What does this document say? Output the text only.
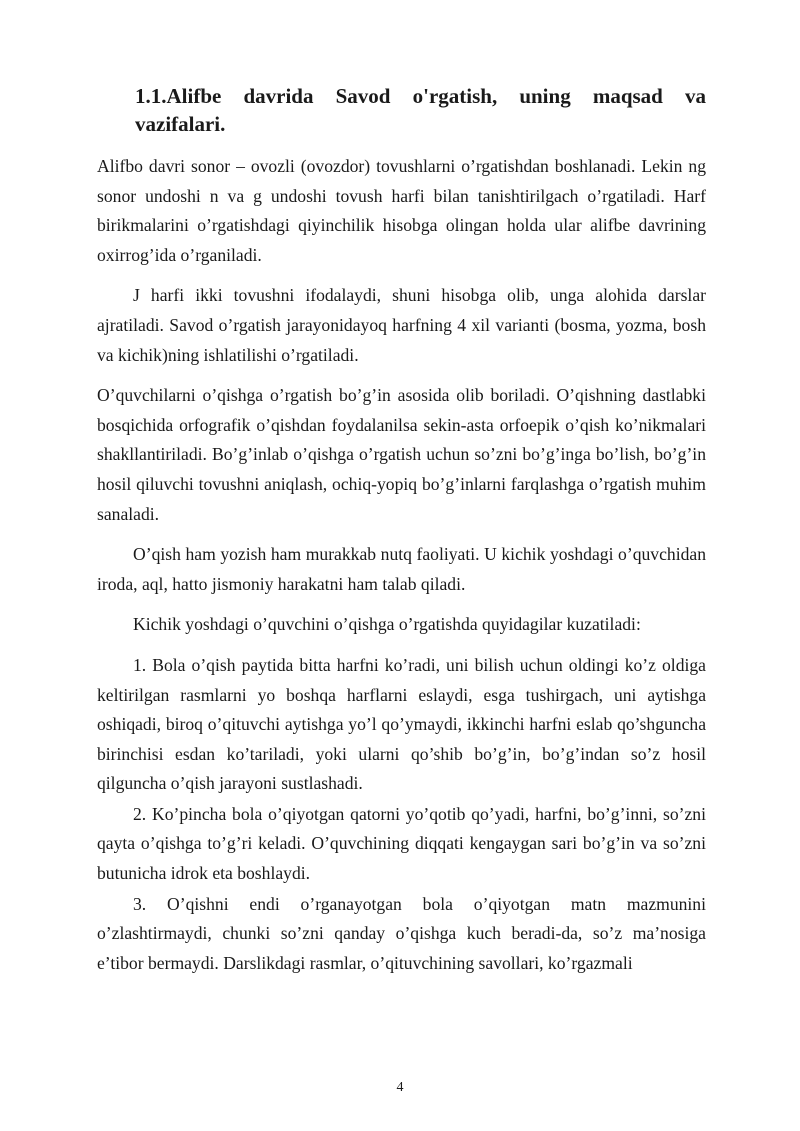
1.1.Alifbe davrida Savod o'rgatish, uning maqsad va
vazifalari.

Alifbo davri sonor – ovozli (ovozdor) tovushlarni o’rgatishdan boshlanadi. Lekin ng sonor undoshi n va g undoshi tovush harfi bilan tanishtirilgach o’rgatiladi. Harf birikmalarini o’rgatishdagi qiyinchilik hisobga olingan holda ular alifbe davrining oxirrog’ida o’rganiladi.

J harfi ikki tovushni ifodalaydi, shuni hisobga olib, unga alohida darslar ajratiladi. Savod o’rgatish jarayonidayoq harfning 4 xil varianti (bosma, yozma, bosh va kichik)ning ishlatilishi o’rgatiladi.

O’quvchilarni o’qishga o’rgatish bo’g’in asosida olib boriladi. O’qishning dastlabki bosqichida orfografik o’qishdan foydalanilsa sekin-asta orfoepik o’qish ko’nikmalari shakllantiriladi. Bo’g’inlab o’qishga o’rgatish uchun so’zni bo’g’inga bo’lish, bo’g’in hosil qiluvchi tovushni aniqlash, ochiq-yopiq bo’g’inlarni farqlashga o’rgatish muhim sanaladi.

O’qish ham yozish ham murakkab nutq faoliyati. U kichik yoshdagi o’quvchidan iroda, aql, hatto jismoniy harakatni ham talab qiladi.

Kichik yoshdagi o’quvchini o’qishga o’rgatishda quyidagilar kuzatiladi:

1. Bola o’qish paytida bitta harfni ko’radi, uni bilish uchun oldingi ko’z oldiga keltirilgan rasmlarni yo boshqa harflarni eslaydi, esga tushirgach, uni aytishga oshiqadi, biroq o’qituvchi aytishga yo’l qo’ymaydi, ikkinchi harfni eslab qo’shguncha birinchisi esdan ko’tariladi, yoki ularni qo’shib bo’g’in, bo’g’indan so’z hosil qilguncha o’qish jarayoni sustlashadi.

2. Ko’pincha bola o’qiyotgan qatorni yo’qotib qo’yadi, harfni, bo’g’inni, so’zni qayta o’qishga to’g’ri keladi. O’quvchining diqqati kengaygan sari bo’g’in va so’zni butunicha idrok eta boshlaydi.

3. O’qishni endi o’rganayotgan bola o’qiyotgan matn mazmunini o’zlashtirmaydi, chunki so’zni qanday o’qishga kuch beradi-da, so’z ma’nosiga e’tibor bermaydi. Darslikdagi rasmlar, o’qituvchining savollari, ko’rgazmali

4
